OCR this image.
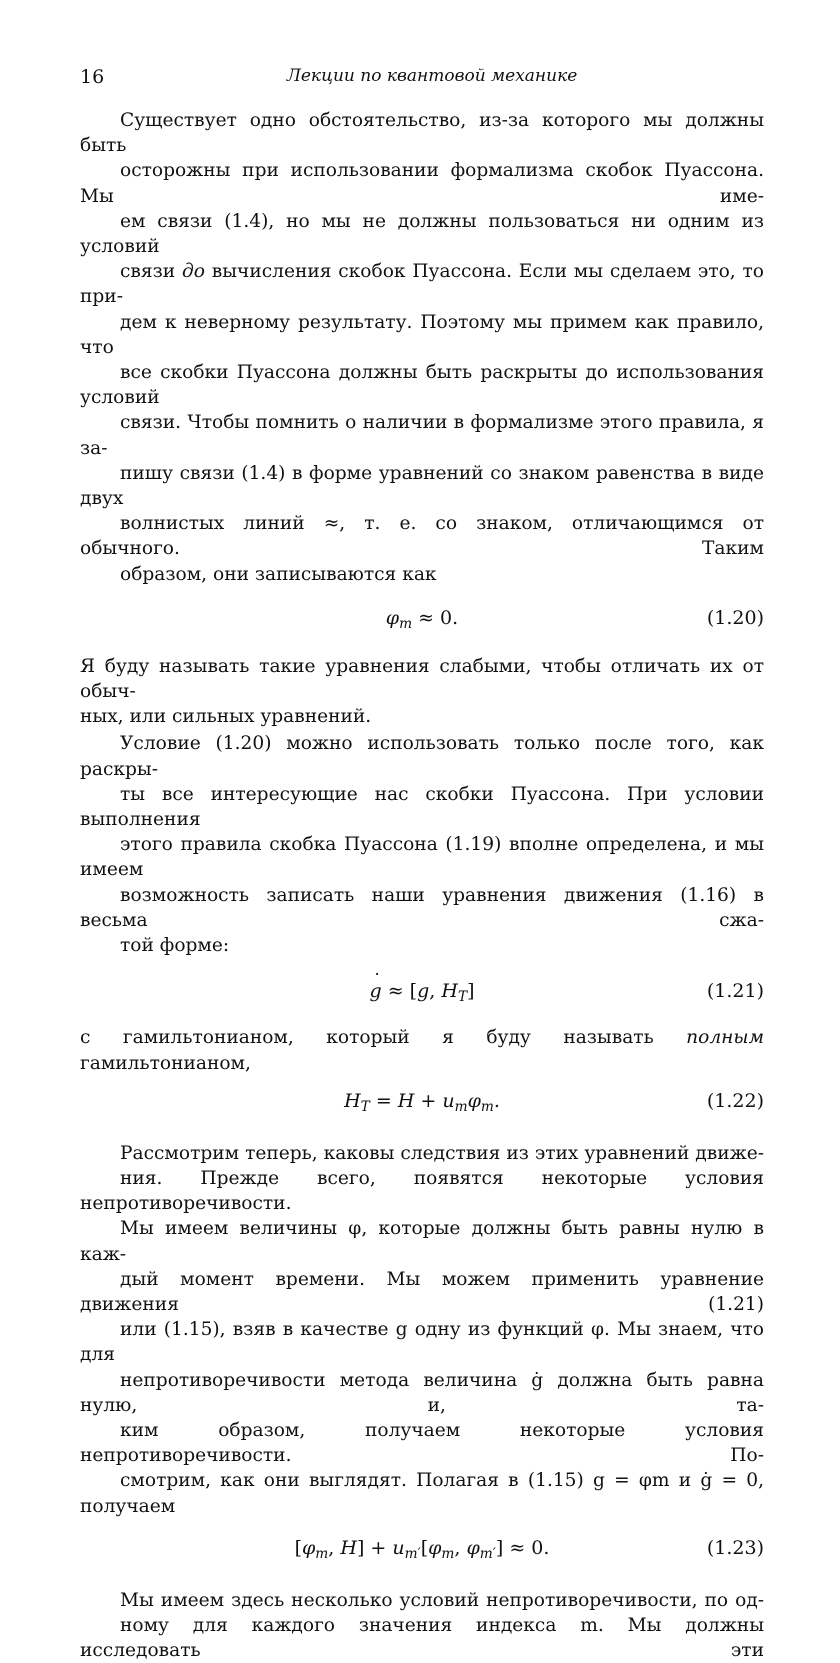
16	Лекции по квантовой механике

Существует одно обстоятельство, из-за которого мы должны быть
осторожны при использовании формализма скобок Пуассона. Мы име-
ем связи (1.4), но мы не должны пользоваться ни одним из условий
связи до вычисления скобок Пуассона. Если мы сделаем это, то при-
дем к неверному результату. Поэтому мы примем как правило, что
все скобки Пуассона должны быть раскрыты до использования условий
связи. Чтобы помнить о наличии в формализме этого правила, я за-
пишу связи (1.4) в форме уравнений со знаком равенства в виде двух
волнистых линий ≈, т. е. со знаком, отличающимся от обычного. Таким
образом, они записываются как

$\varphi_m \approx 0$.	(1.20)

Я буду называть такие уравнения слабыми, чтобы отличать их от обыч-
ных, или сильных уравнений.

Условие (1.20) можно использовать только после того, как раскры-
ты все интересующие нас скобки Пуассона. При условии выполнения
этого правила скобка Пуассона (1.19) вполне определена, и мы имеем
возможность записать наши уравнения движения (1.16) в весьма сжа-
той форме:

˙ g ≈ [g, $H_T$]	(1.21)

с гамильтонианом, который я буду называть полным гамильтонианом,

$H_T = H + u_m\varphi_m$.	(1.22)

Рассмотрим теперь, каковы следствия из этих уравнений движе-
ния. Прежде всего, появятся некоторые условия непротиворечивости.
Мы имеем величины φ, которые должны быть равны нулю в каж-
дый момент времени. Мы можем применить уравнение движения (1.21)
или (1.15), взяв в качестве g одну из функций φ. Мы знаем, что для
непротиворечивости метода величина ġ должна быть равна нулю, и, та-
ким образом, получаем некоторые условия непротиворечивости. По-
смотрим, как они выглядят. Полагая в (1.15) g = φm и ġ = 0, получаем

[$\varphi_m$, $H] + u_{m'}[\varphi_m$, $\varphi_{m'}] \approx 0$.	(1.23)

Мы имеем здесь несколько условий непротиворечивости, по од-
ному для каждого значения индекса m. Мы должны исследовать эти
